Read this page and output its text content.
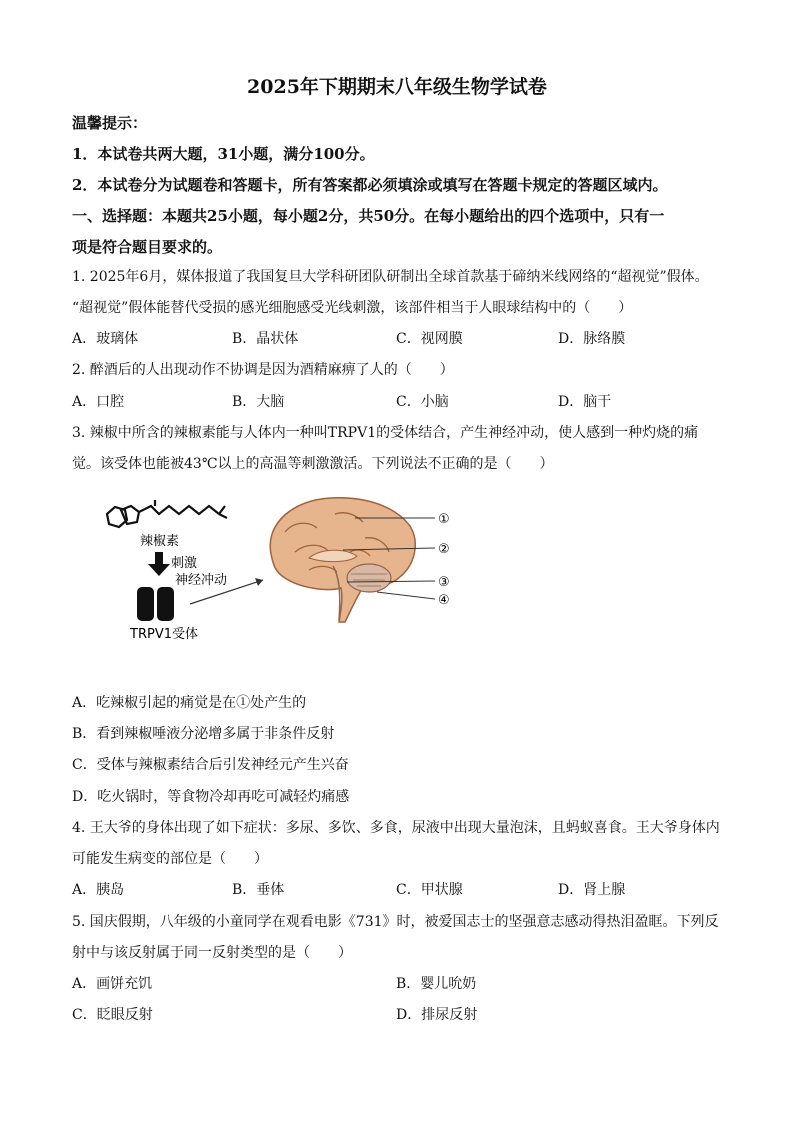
2025年下期期末八年级生物学试卷
温馨提示：
1．本试卷共两大题，31小题，满分100分。
2．本试卷分为试题卷和答题卡，所有答案都必须填涂或填写在答题卡规定的答题区域内。
一、选择题：本题共25小题，每小题2分，共50分。在每小题给出的四个选项中，只有一
项是符合题目要求的。
1. 2025年6月，媒体报道了我国复旦大学科研团队研制出全球首款基于碲纳米线网络的“超视觉”假体。
“超视觉”假体能替代受损的感光细胞感受光线刺激，该部件相当于人眼球结构中的（　　）
A．玻璃体	B．晶状体	C．视网膜	D．脉络膜
2. 醉酒后的人出现动作不协调是因为酒精麻痹了人的（　　）
A．口腔	B．大脑	C．小脑	D．脑干
3. 辣椒中所含的辣椒素能与人体内一种叫TRPV1的受体结合，产生神经冲动，使人感到一种灼烧的痛
觉。该受体也能被43℃以上的高温等刺激激活。下列说法不正确的是（　　）
辣椒素
刺激
神经冲动
TRPV1受体
①
②
③
④
A．吃辣椒引起的痛觉是在①处产生的
B．看到辣椒唾液分泌增多属于非条件反射
C．受体与辣椒素结合后引发神经元产生兴奋
D．吃火锅时，等食物冷却再吃可减轻灼痛感
4. 王大爷的身体出现了如下症状：多尿、多饮、多食，尿液中出现大量泡沫，且蚂蚁喜食。王大爷身体内
可能发生病变的部位是（　　）
A．胰岛	B．垂体	C．甲状腺	D．肾上腺
5. 国庆假期，八年级的小童同学在观看电影《731》时，被爱国志士的坚强意志感动得热泪盈眶。下列反
射中与该反射属于同一反射类型的是（　　）
A．画饼充饥	B．婴儿吮奶
C．眨眼反射	D．排尿反射
